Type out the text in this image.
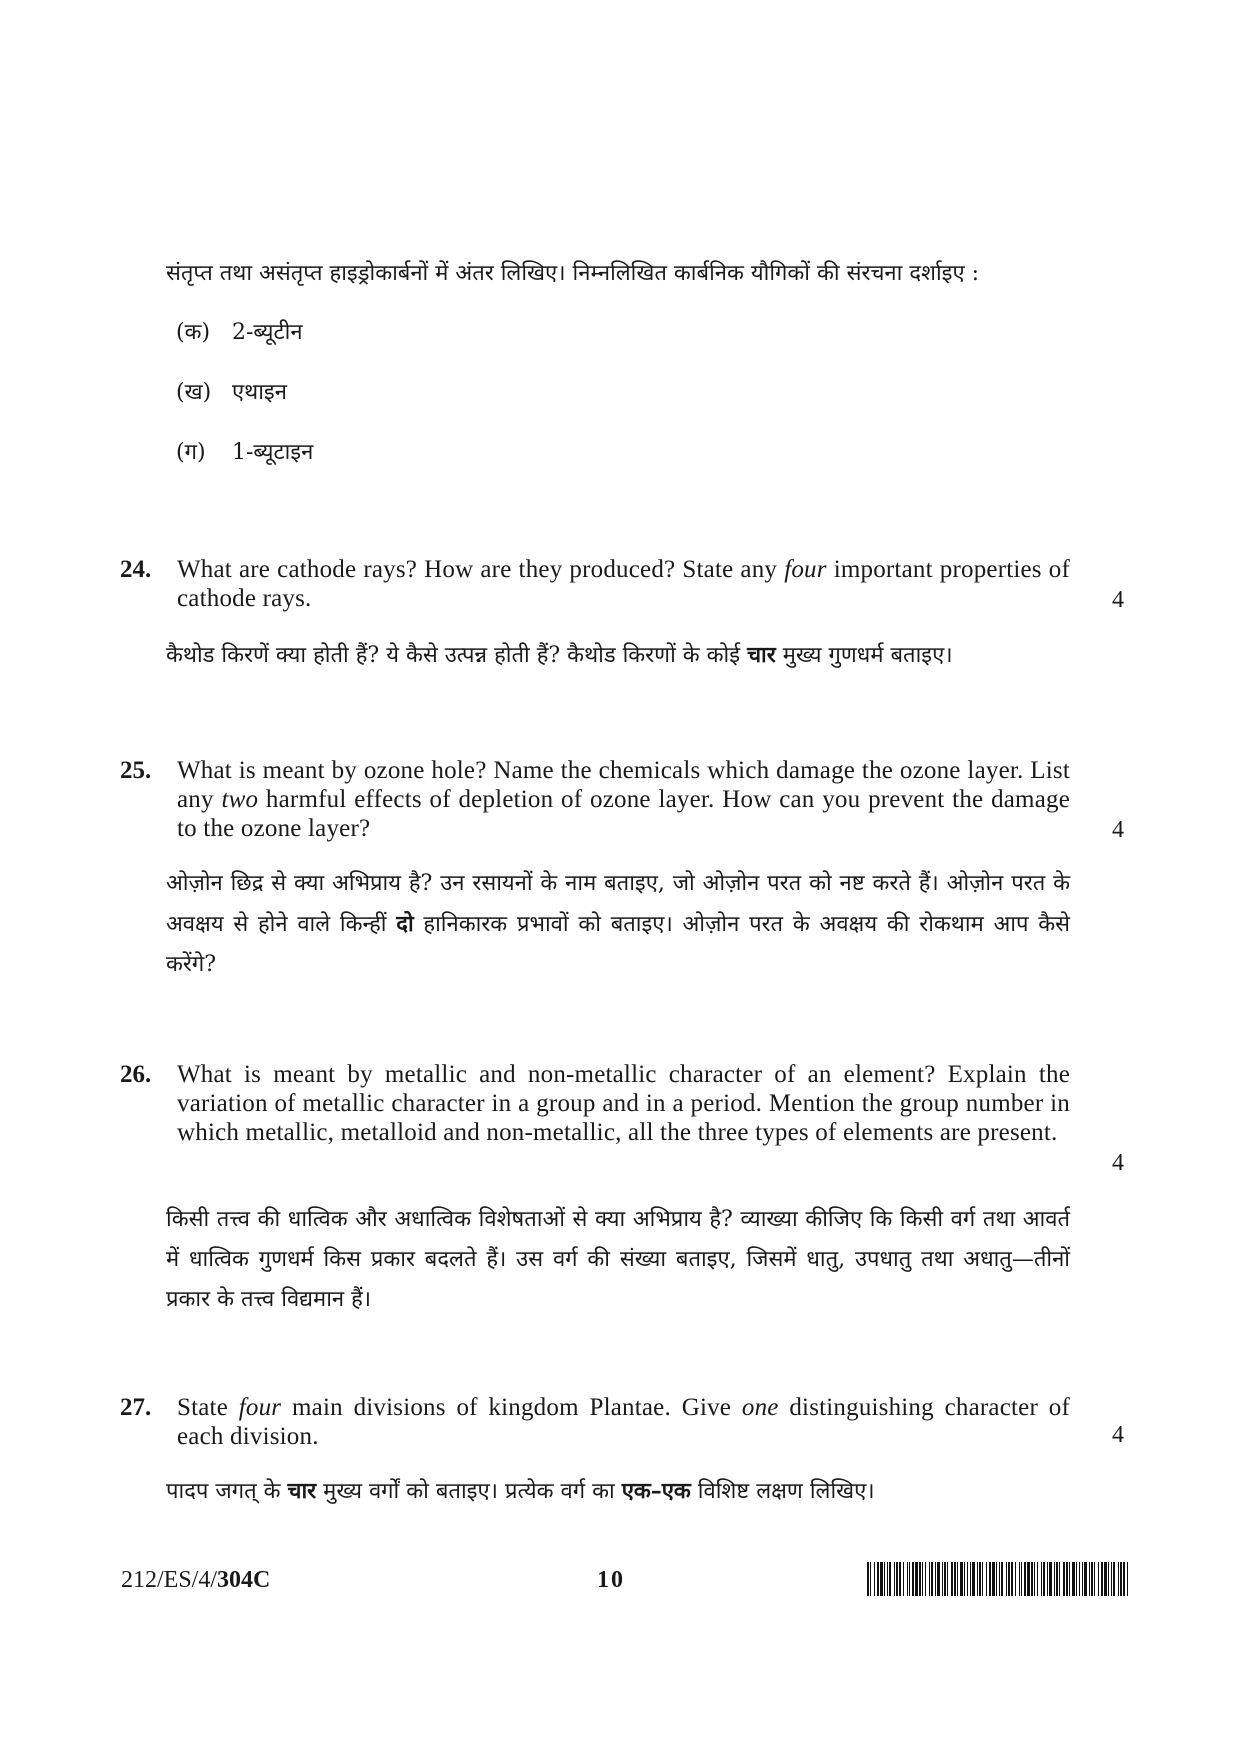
संतृप्त तथा असंतृप्त हाइड्रोकार्बनों में अंतर लिखिए। निम्नलिखित कार्बनिक यौगिकों की संरचना दर्शाइए :
(क) 2-ब्यूटीन
(ख) एथाइन
(ग) 1-ब्यूटाइन
24. What are cathode rays? How are they produced? State any four important properties of cathode rays.	4
कैथोड किरणें क्या होती हैं? ये कैसे उत्पन्न होती हैं? कैथोड किरणों के कोई चार मुख्य गुणधर्म बताइए।
25. What is meant by ozone hole? Name the chemicals which damage the ozone layer. List any two harmful effects of depletion of ozone layer. How can you prevent the damage to the ozone layer?	4
ओज़ोन छिद्र से क्या अभिप्राय है? उन रसायनों के नाम बताइए, जो ओज़ोन परत को नष्ट करते हैं। ओज़ोन परत के अवक्षय से होने वाले किन्हीं दो हानिकारक प्रभावों को बताइए। ओज़ोन परत के अवक्षय की रोकथाम आप कैसे करेंगे?
26. What is meant by metallic and non-metallic character of an element? Explain the variation of metallic character in a group and in a period. Mention the group number in which metallic, metalloid and non-metallic, all the three types of elements are present.
4
किसी तत्त्व की धात्विक और अधात्विक विशेषताओं से क्या अभिप्राय है? व्याख्या कीजिए कि किसी वर्ग तथा आवर्त में धात्विक गुणधर्म किस प्रकार बदलते हैं। उस वर्ग की संख्या बताइए, जिसमें धातु, उपधातु तथा अधातु—तीनों प्रकार के तत्त्व विद्यमान हैं।
27. State four main divisions of kingdom Plantae. Give one distinguishing character of each division.	4
पादप जगत् के चार मुख्य वर्गों को बताइए। प्रत्येक वर्ग का एक–एक विशिष्ट लक्षण लिखिए।
212/ES/4/304C	10
